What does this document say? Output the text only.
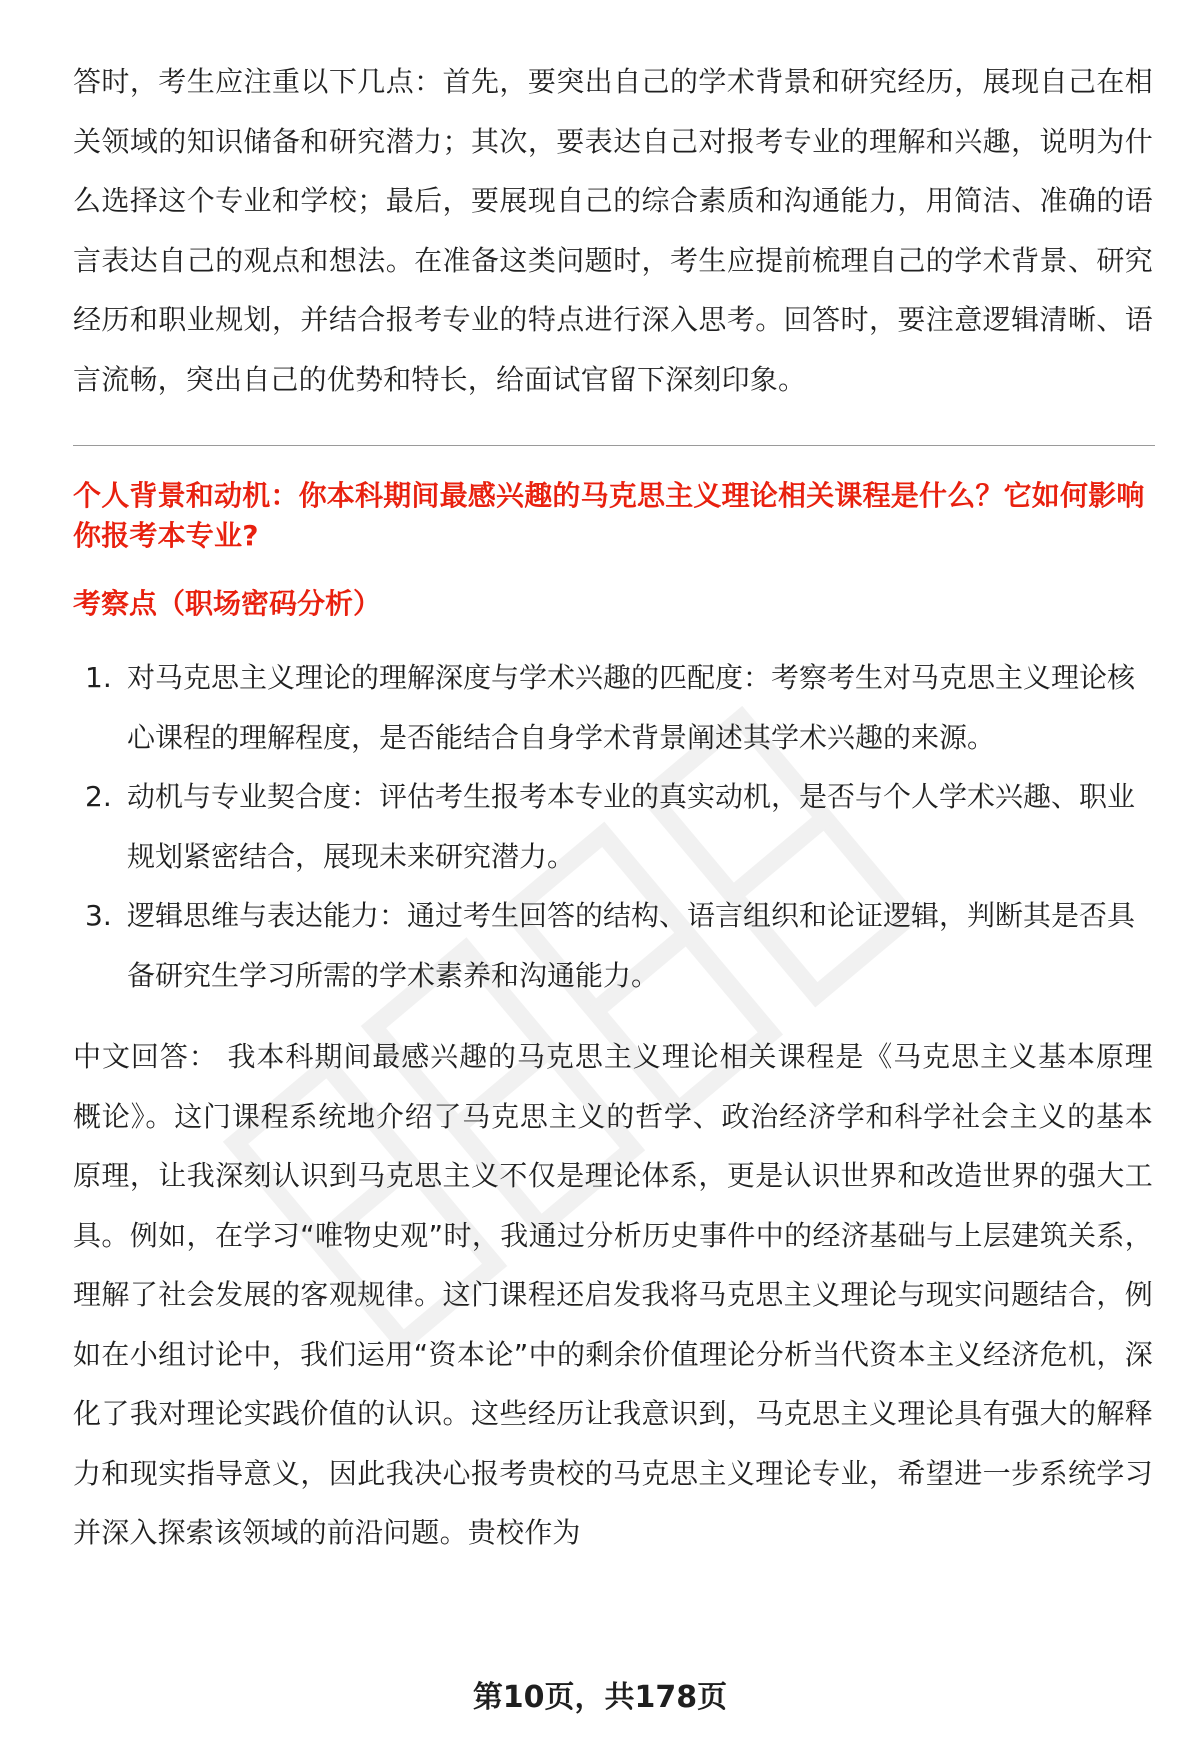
答时，考生应注重以下几点：首先，要突出自己的学术背景和研究经历，展现自己在相关领域的知识储备和研究潜力；其次，要表达自己对报考专业的理解和兴趣，说明为什么选择这个专业和学校；最后，要展现自己的综合素质和沟通能力，用简洁、准确的语言表达自己的观点和想法。在准备这类问题时，考生应提前梳理自己的学术背景、研究经历和职业规划，并结合报考专业的特点进行深入思考。回答时，要注意逻辑清晰、语言流畅，突出自己的优势和特长，给面试官留下深刻印象。

个人背景和动机：你本科期间最感兴趣的马克思主义理论相关课程是什么？它如何影响你报考本专业?

考察点（职场密码分析）

1. 对马克思主义理论的理解深度与学术兴趣的匹配度：考察考生对马克思主义理论核心课程的理解程度，是否能结合自身学术背景阐述其学术兴趣的来源。
2. 动机与专业契合度：评估考生报考本专业的真实动机，是否与个人学术兴趣、职业规划紧密结合，展现未来研究潜力。
3. 逻辑思维与表达能力：通过考生回答的结构、语言组织和论证逻辑，判断其是否具备研究生学习所需的学术素养和沟通能力。

中文回答： 我本科期间最感兴趣的马克思主义理论相关课程是《马克思主义基本原理概论》。这门课程系统地介绍了马克思主义的哲学、政治经济学和科学社会主义的基本原理，让我深刻认识到马克思主义不仅是理论体系，更是认识世界和改造世界的强大工具。例如，在学习“唯物史观”时，我通过分析历史事件中的经济基础与上层建筑关系，理解了社会发展的客观规律。这门课程还启发我将马克思主义理论与现实问题结合，例如在小组讨论中，我们运用“资本论”中的剩余价值理论分析当代资本主义经济危机，深化了我对理论实践价值的认识。这些经历让我意识到，马克思主义理论具有强大的解释力和现实指导意义，因此我决心报考贵校的马克思主义理论专业，希望进一步系统学习并深入探索该领域的前沿问题。贵校作为

第10页，共178页
